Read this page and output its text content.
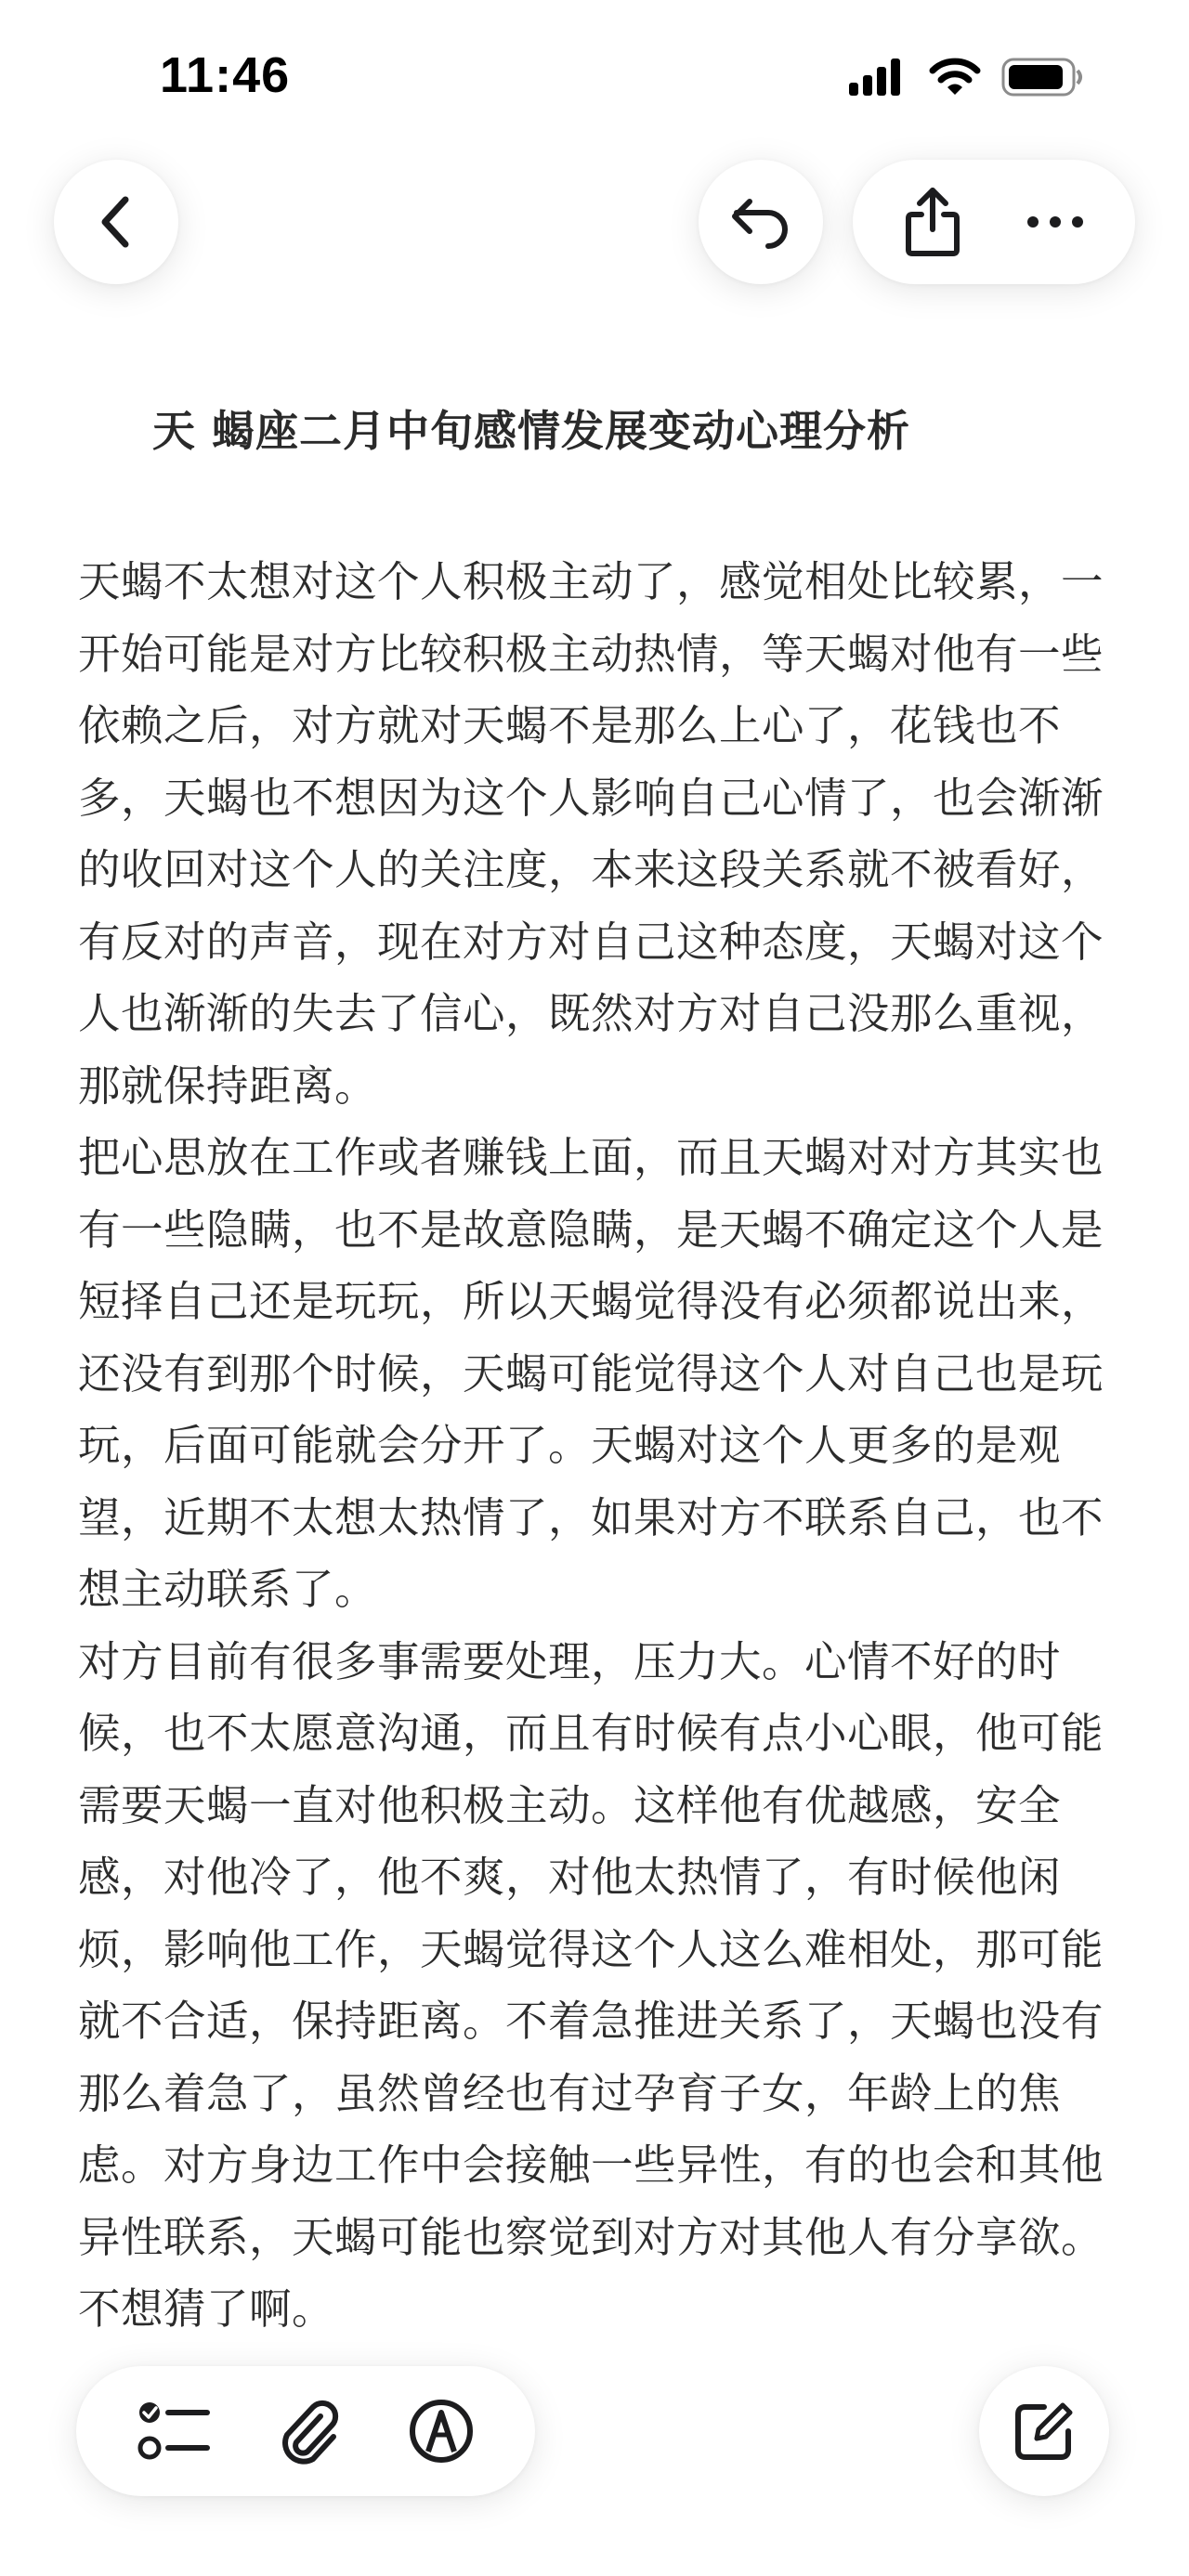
11:46
天 蝎座二月中旬感情发展变动心理分析

天蝎不太想对这个人积极主动了，感觉相处比较累，一开始可能是对方比较积极主动热情，等天蝎对他有一些依赖之后，对方就对天蝎不是那么上心了，花钱也不多，天蝎也不想因为这个人影响自己心情了，也会渐渐的收回对这个人的关注度，本来这段关系就不被看好，有反对的声音，现在对方对自己这种态度，天蝎对这个人也渐渐的失去了信心，既然对方对自己没那么重视，那就保持距离。

把心思放在工作或者赚钱上面，而且天蝎对对方其实也有一些隐瞒，也不是故意隐瞒，是天蝎不确定这个人是短择自己还是玩玩，所以天蝎觉得没有必须都说出来，还没有到那个时候，天蝎可能觉得这个人对自己也是玩玩，后面可能就会分开了。天蝎对这个人更多的是观望，近期不太想太热情了，如果对方不联系自己，也不想主动联系了。

对方目前有很多事需要处理，压力大。心情不好的时候，也不太愿意沟通，而且有时候有点小心眼，他可能需要天蝎一直对他积极主动。这样他有优越感，安全感，对他冷了，他不爽，对他太热情了，有时候他闲烦，影响他工作，天蝎觉得这个人这么难相处，那可能就不合适，保持距离。不着急推进关系了，天蝎也没有那么着急了，虽然曾经也有过孕育子女，年龄上的焦虑。对方身边工作中会接触一些异性，有的也会和其他异性联系，天蝎可能也察觉到对方对其他人有分享欲。不想猜了啊。
